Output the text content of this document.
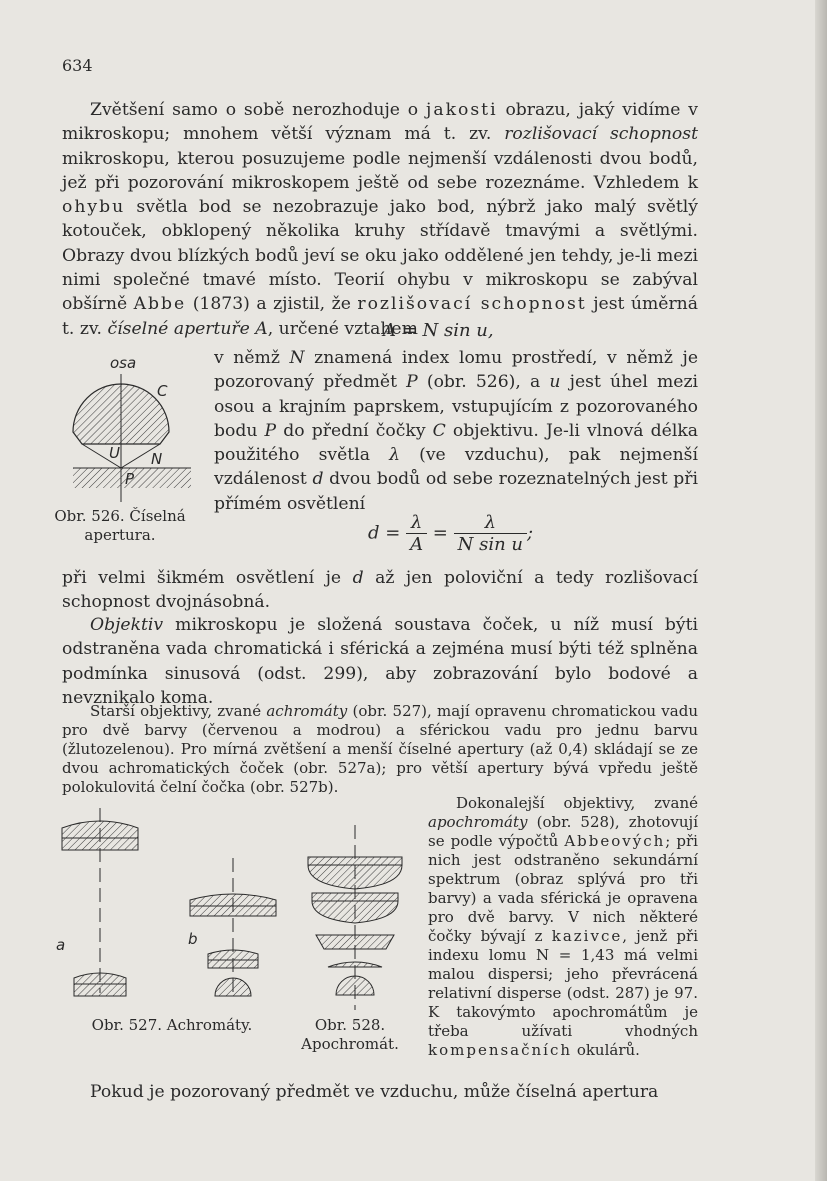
634

Zvětšení samo o sobě nerozhoduje o jakosti obrazu, jaký vidíme v mikroskopu; mnohem větší význam má t. zv. rozlišovací schopnost mikroskopu, kterou posuzujeme podle nejmenší vzdálenosti dvou bodů, jež při pozorování mikroskopem ještě od sebe rozeznáme. Vzhledem k ohybu světla bod se nezobrazuje jako bod, nýbrž jako malý světlý kotouček, obklopený několika kruhy střídavě tmavými a světlými. Obrazy dvou blízkých bodů jeví se oku jako oddělené jen tehdy, je-li mezi nimi společné tmavé místo. Teorií ohybu v mikroskopu se zabýval obšírně Abbe (1873) a zjistil, že rozlišovací schopnost jest úměrná t. zv. číselné apertuře A, určené vztahem

A = N sin u,
osa
C
U N
P
Obr. 526. Číselná apertura.

v němž N znamená index lomu prostředí, v němž je pozorovaný předmět P (obr. 526), a u jest úhel mezi osou a krajním paprskem, vstupujícím z pozorovaného bodu P do přední čočky C objektivu. Je-li vlnová délka použitého světla λ (ve vzduchu), pak nejmenší vzdálenost d dvou bodů od sebe rozeznatelných jest při přímém osvětlení

$d = \frac{\lambda}{A} = \frac{\lambda}{\text{N sin u}}$ ;

při velmi šikmém osvětlení je d až jen poloviční a tedy rozlišovací schopnost dvojnásobná.

Objektiv mikroskopu je složená soustava čoček, u níž musí býti odstraněna vada chromatická i sférická a zejména musí býti též splněna podmínka sinusová (odst. 299), aby zobrazování bylo bodové a nevznikalo koma.

Starší objektivy, zvané achromáty (obr. 527), mají opravenu chromatickou vadu pro dvě barvy (červenou a modrou) a sférickou vadu pro jednu barvu (žlutozelenou). Pro mírná zvětšení a menší číselné apertury (až 0,4) skládají se ze dvou achromatických čoček (obr. 527a); pro větší apertury bývá vpředu ještě polokulovitá čelní čočka (obr. 527b).

Dokonalejší objektivy, zvané apochromáty (obr. 528), zhotovují se podle výpočtů Abbeových; při nich jest odstraněno sekundární spektrum (obraz splývá pro tři barvy) a vada sférická je opravena pro dvě barvy. V nich některé čočky bývají z kazivce, jenž při indexu lomu N = 1,43 má velmi malou dispersi; jeho převrácená relativní disperse (odst. 287) je 97. K takovýmto apochromátům je třeba užívati vhodných kompensačních okulárů.

a	b
Obr. 527. Achromáty.	Obr. 528. Apochromát.

Pokud je pozorovaný předmět ve vzduchu, může číselná apertura
